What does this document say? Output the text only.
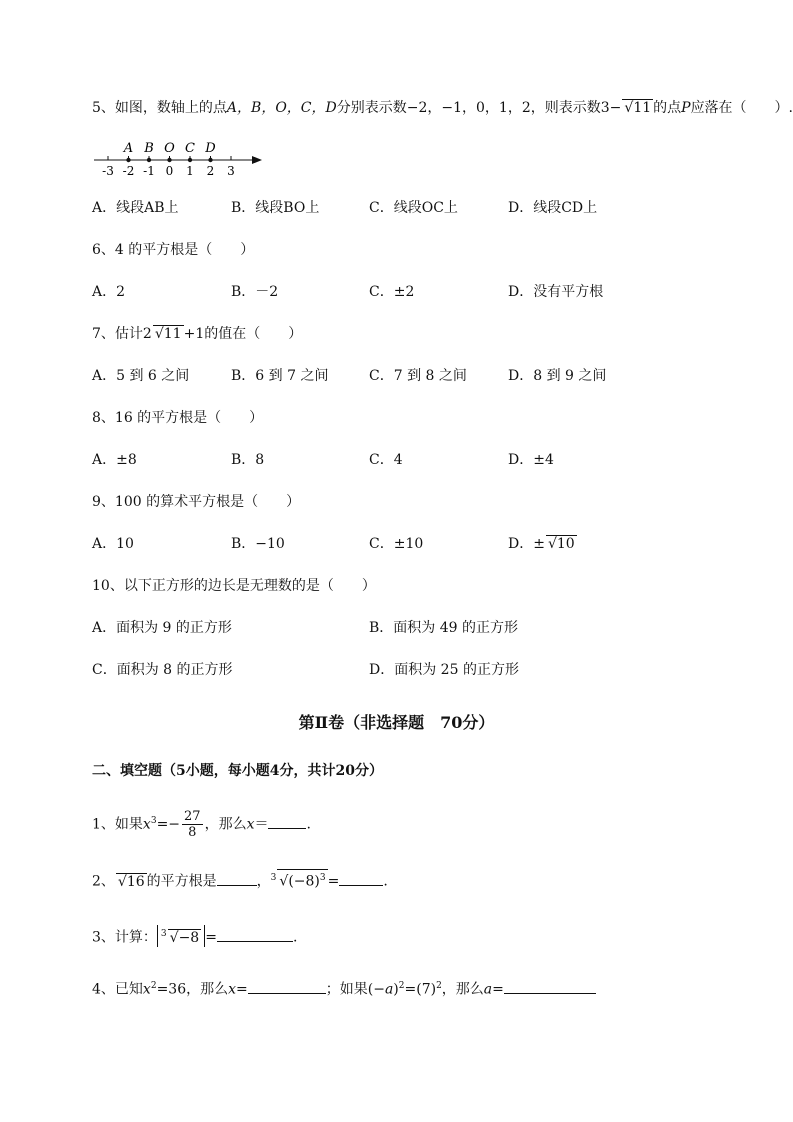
5、如图，数轴上的点A，B，O，C，D分别表示数−2，−1，0，1，2，则表示数3− √11 的点P应落在（　　）.
-3 -2 -1 0 1 2 3
A B O C D
A．线段AB上	B．线段BO上	C．线段OC上	D．线段CD上
6、4 的平方根是（　　）
A．2	B．－2	C．±2	D．没有平方根
7、估计2 √11 +1的值在（　　）
A．5 到 6 之间	B．6 到 7 之间	C．7 到 8 之间	D．8 到 9 之间
8、16 的平方根是（　　）
A．±8	B．8	C．4	D．±4
9、100 的算术平方根是（　　）
A．10	B．−10	C．±10	D．± √10
10、以下正方形的边长是无理数的是（　　）
A．面积为 9 的正方形	B．面积为 49 的正方形
C．面积为 8 的正方形	D．面积为 25 的正方形
第Ⅱ卷（非选择题　70分）
二、填空题（5小题，每小题4分，共计20分）
1、如果$x^3=- \frac{27}{8}$ ，那么x＝	.
2、 √16 的平方根是	，$^3$ $√(-8)^3$ =	.
3、计算： $^3$ √−8 =	.
4、已知$x^2=36$，那么x=	；如果$(-a)^2=(7)^2$，那么a=
